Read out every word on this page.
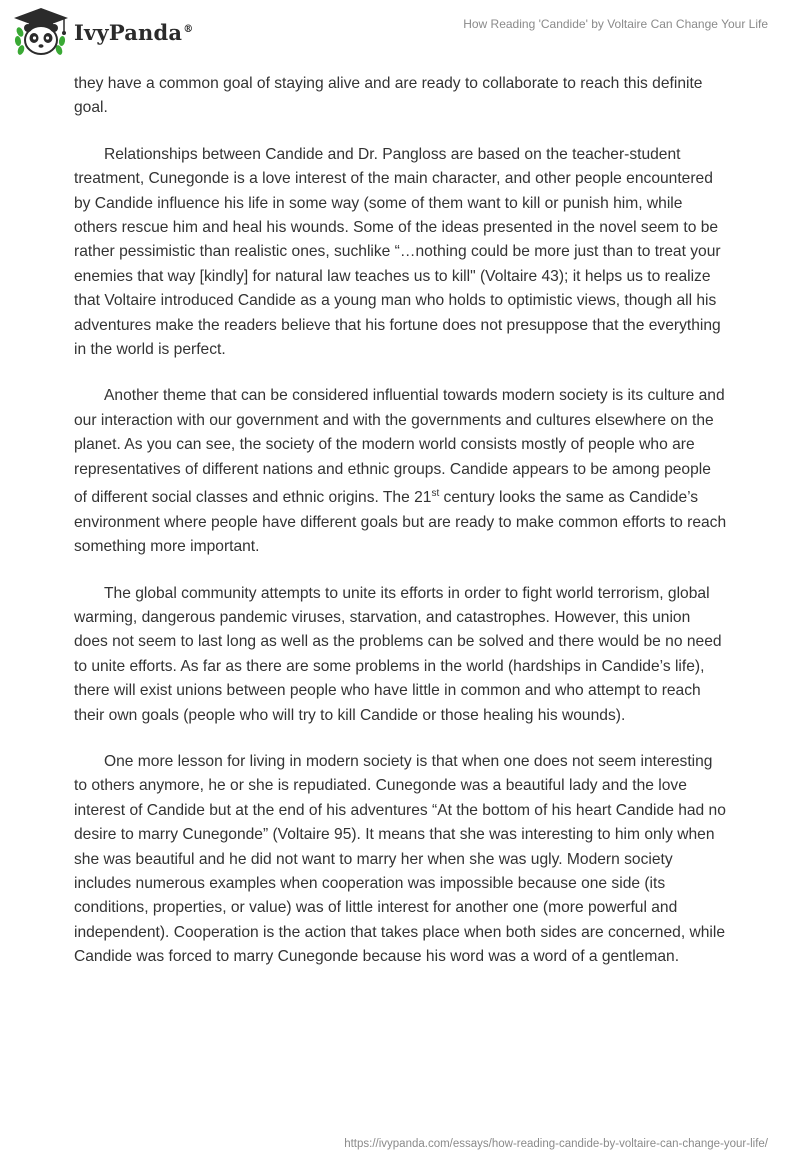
IvyPanda®	How Reading 'Candide' by Voltaire Can Change Your Life

they have a common goal of staying alive and are ready to collaborate to reach this definite goal.

Relationships between Candide and Dr. Pangloss are based on the teacher-student treatment, Cunegonde is a love interest of the main character, and other people encountered by Candide influence his life in some way (some of them want to kill or punish him, while others rescue him and heal his wounds. Some of the ideas presented in the novel seem to be rather pessimistic than realistic ones, suchlike “…nothing could be more just than to treat your enemies that way [kindly] for natural law teaches us to kill" (Voltaire 43); it helps us to realize that Voltaire introduced Candide as a young man who holds to optimistic views, though all his adventures make the readers believe that his fortune does not presuppose that the everything in the world is perfect.

Another theme that can be considered influential towards modern society is its culture and our interaction with our government and with the governments and cultures elsewhere on the planet. As you can see, the society of the modern world consists mostly of people who are representatives of different nations and ethnic groups. Candide appears to be among people of different social classes and ethnic origins. The 21st century looks the same as Candide’s environment where people have different goals but are ready to make common efforts to reach something more important.

The global community attempts to unite its efforts in order to fight world terrorism, global warming, dangerous pandemic viruses, starvation, and catastrophes. However, this union does not seem to last long as well as the problems can be solved and there would be no need to unite efforts. As far as there are some problems in the world (hardships in Candide’s life), there will exist unions between people who have little in common and who attempt to reach their own goals (people who will try to kill Candide or those healing his wounds).

One more lesson for living in modern society is that when one does not seem interesting to others anymore, he or she is repudiated. Cunegonde was a beautiful lady and the love interest of Candide but at the end of his adventures “At the bottom of his heart Candide had no desire to marry Cunegonde” (Voltaire 95). It means that she was interesting to him only when she was beautiful and he did not want to marry her when she was ugly. Modern society includes numerous examples when cooperation was impossible because one side (its conditions, properties, or value) was of little interest for another one (more powerful and independent). Cooperation is the action that takes place when both sides are concerned, while Candide was forced to marry Cunegonde because his word was a word of a gentleman.

https://ivypanda.com/essays/how-reading-candide-by-voltaire-can-change-your-life/
